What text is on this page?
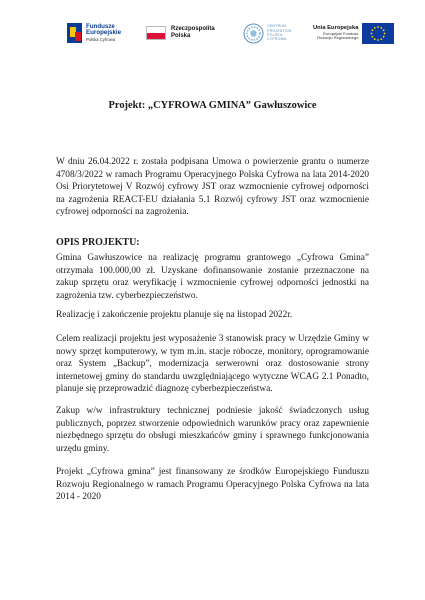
Fundusze
Europejskie
Polska Cyfrowa
Rzeczpospolita
Polska
CENTRUM
PROJEKTÓW
POLSKA
CYFROWA
Unia Europejska
Europejski Fundusz
Rozwoju Regionalnego
Projekt: „CYFROWA GMINA” Gawłuszowice

W dniu 26.04.2022 r. została podpisana Umowa o powierzenie grantu o numerze 4708/3/2022 w ramach Programu Operacyjnego Polska Cyfrowa na lata 2014-2020 Osi Priorytetowej V Rozwój cyfrowy JST oraz wzmocnienie cyfrowej odporności na zagrożenia REACT-EU działania 5.1 Rozwój cyfrowy JST oraz wzmocnienie cyfrowej odporności na zagrożenia.

OPIS PROJEKTU:

Gmina Gawłuszowice na realizację programu grantowego „Cyfrowa Gmina” otrzymała 100.000,00 zł. Uzyskane dofinansowanie zostanie przeznaczone na zakup sprzętu oraz weryfikację i wzmocnienie cyfrowej odporności jednostki na zagrożenia tzw. cyberbezpieczeństwo.

Realizację i zakończenie projektu planuje się na listopad 2022r.

Celem realizacji projektu jest wyposażenie 3 stanowisk pracy w Urzędzie Gminy w nowy sprzęt komputerowy, w tym m.in. stacje robocze, monitory, oprogramowanie oraz System „Backup”, modernizacja serwerowni oraz dostosowanie strony internetowej gminy do standardu uwzględniającego wytyczne WCAG 2.1 Ponadto, planuje się przeprowadzić diagnozę cyberbezpieczeństwa.

Zakup w/w infrastruktury technicznej podniesie jakość świadczonych usług publicznych, poprzez stworzenie odpowiednich warunków pracy oraz zapewnienie niezbędnego sprzętu do obsługi mieszkańców gminy i sprawnego funkcjonowania urzędu gminy.

Projekt „Cyfrowa gmina” jest finansowany ze środków Europejskiego Funduszu Rozwoju Regionalnego w ramach Programu Operacyjnego Polska Cyfrowa na lata 2014 - 2020
